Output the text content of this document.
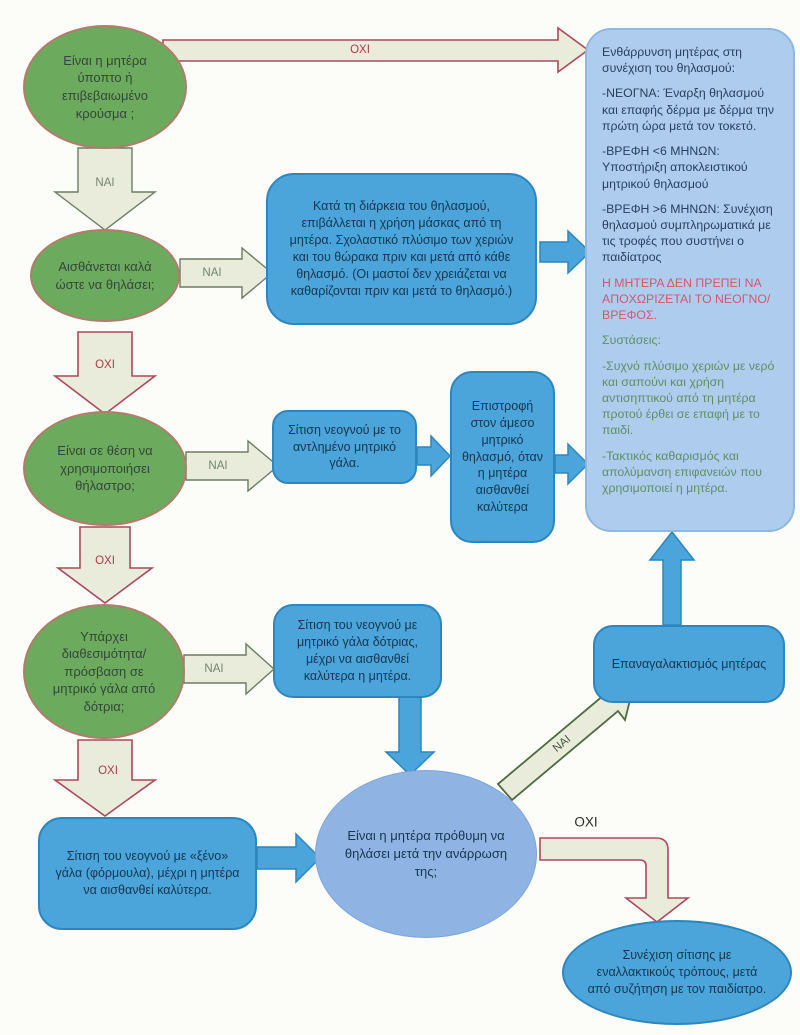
Είναι η μητέρα ύποπτο ή επιβεβαιωμένο κρούσμα ;
Αισθάνεται καλά ώστε να θηλάσει;
Είναι σε θέση να χρησιμοποιήσει θήλαστρο;
Υπάρχει διαθεσιμότητα/ πρόσβαση σε μητρικό γάλα από δότρια;
Κατά τη διάρκεια του θηλασμού, επιβάλλεται η χρήση μάσκας από τη μητέρα. Σχολαστικό πλύσιμο των χεριών και του θώρακα πριν και μετά από κάθε θηλασμό. (Οι μαστοί δεν χρειάζεται να καθαρίζονται πριν και μετά το θηλασμό.)
Σίτιση νεογνού με το αντλημένο μητρικό γάλα.
Επιστροφή στον άμεσο μητρικό θηλασμό, όταν η μητέρα αισθανθεί καλύτερα
Σίτιση του νεογνού με μητρικό γάλα δότριας, μέχρι να αισθανθεί καλύτερα η μητέρα.
Σίτιση του νεογνού με «ξένο» γάλα (φόρμουλα), μέχρι η μητέρα να αισθανθεί καλύτερα.
Επαναγαλακτισμός μητέρας
Είναι η μητέρα πρόθυμη να θηλάσει μετά την ανάρρωση της;
Συνέχιση σίτισης με εναλλακτικούς τρόπους, μετά από συζήτηση με τον παιδίατρο.

Ενθάρρυνση μητέρας στη συνέχιση του θηλασμού:

-ΝΕΟΓΝΑ: Έναρξη θηλασμού και επαφής δέρμα με δέρμα την πρώτη ώρα μετά τον τοκετό.

-ΒΡΕΦΗ <6 ΜΗΝΩΝ: Υποστήριξη αποκλειστικού μητρικού θηλασμού

-ΒΡΕΦΗ >6 ΜΗΝΩΝ: Συνέχιση θηλασμού συμπληρωματικά με τις τροφές που συστήνει ο παιδίατρος

Η ΜΗΤΕΡΑ ΔΕΝ ΠΡΕΠΕΙ ΝΑ ΑΠΟΧΩΡΙΖΕΤΑΙ ΤΟ ΝΕΟΓΝΟ/ΒΡΕΦΟΣ.

Συστάσεις:

-Συχνό πλύσιμο χεριών με νερό και σαπούνι και χρήση αντισηπτικού από τη μητέρα προτού έρθει σε επαφή με το παιδί.

-Τακτικός καθαρισμός και απολύμανση επιφανειών που χρησιμοποιεί η μητέρα.

ΟΧΙ
ΝΑΙ
ΝΑΙ
ΟΧΙ
ΝΑΙ
ΟΧΙ
ΝΑΙ
ΟΧΙ
ΝΑΙ
ΟΧΙ
